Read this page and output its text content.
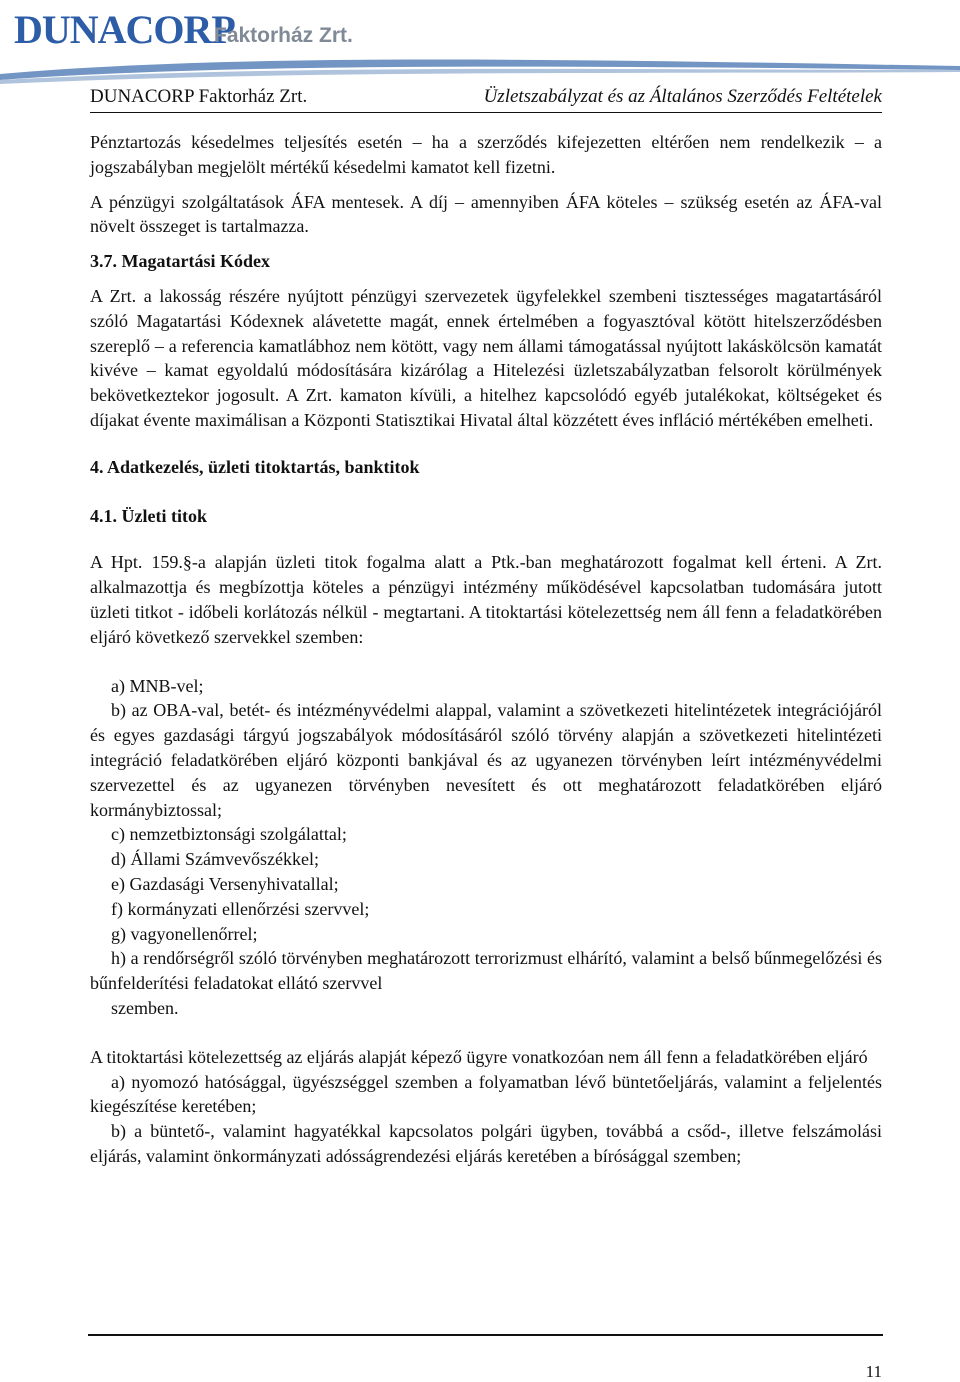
DUNACORP
Faktorház Zrt.
DUNACORP Faktorház Zrt.	Üzletszabályzat és az Általános Szerződés Feltételek

Pénztartozás késedelmes teljesítés esetén – ha a szerződés kifejezetten eltérően nem rendelkezik – a jogszabályban megjelölt mértékű késedelmi kamatot kell fizetni.

A pénzügyi szolgáltatások ÁFA mentesek. A díj – amennyiben ÁFA köteles – szükség esetén az ÁFA-val növelt összeget is tartalmazza.

3.7. Magatartási Kódex

A Zrt. a lakosság részére nyújtott pénzügyi szervezetek ügyfelekkel szembeni tisztességes magatartásáról szóló Magatartási Kódexnek alávetette magát, ennek értelmében a fogyasztóval kötött hitelszerződésben szereplő – a referencia kamatlábhoz nem kötött, vagy nem állami támogatással nyújtott lakáskölcsön kamatát kivéve – kamat egyoldalú módosítására kizárólag a Hitelezési üzletszabályzatban felsorolt körülmények bekövetkeztekor jogosult. A Zrt. kamaton kívüli, a hitelhez kapcsolódó egyéb jutalékokat, költségeket és díjakat évente maximálisan a Központi Statisztikai Hivatal által közzétett éves infláció mértékében emelheti.

4. Adatkezelés, üzleti titoktartás, banktitok
4.1. Üzleti titok

A Hpt. 159.§-a alapján üzleti titok fogalma alatt a Ptk.-ban meghatározott fogalmat kell érteni. A Zrt. alkalmazottja és megbízottja köteles a pénzügyi intézmény működésével kapcsolatban tudomására jutott üzleti titkot - időbeli korlátozás nélkül - megtartani. A titoktartási kötelezettség nem áll fenn a feladatkörében eljáró következő szervekkel szemben:

a) MNB-vel;

b) az OBA-val, betét- és intézményvédelmi alappal, valamint a szövetkezeti hitelintézetek integrációjáról és egyes gazdasági tárgyú jogszabályok módosításáról szóló törvény alapján a szövetkezeti hitelintézeti integráció feladatkörében eljáró központi bankjával és az ugyanezen törvényben leírt intézményvédelmi szervezettel és az ugyanezen törvényben nevesített és ott meghatározott feladatkörében eljáró kormánybiztossal;

c) nemzetbiztonsági szolgálattal;

d) Állami Számvevőszékkel;

e) Gazdasági Versenyhivatallal;

f) kormányzati ellenőrzési szervvel;

g) vagyonellenőrrel;

h) a rendőrségről szóló törvényben meghatározott terrorizmust elhárító, valamint a belső bűnmegelőzési és bűnfelderítési feladatokat ellátó szervvel

szemben.

A titoktartási kötelezettség az eljárás alapját képező ügyre vonatkozóan nem áll fenn a feladatkörében eljáró

a) nyomozó hatósággal, ügyészséggel szemben a folyamatban lévő büntetőeljárás, valamint a feljelentés kiegészítése keretében;

b) a büntető-, valamint hagyatékkal kapcsolatos polgári ügyben, továbbá a csőd-, illetve felszámolási eljárás, valamint önkormányzati adósságrendezési eljárás keretében a bírósággal szemben;

11
